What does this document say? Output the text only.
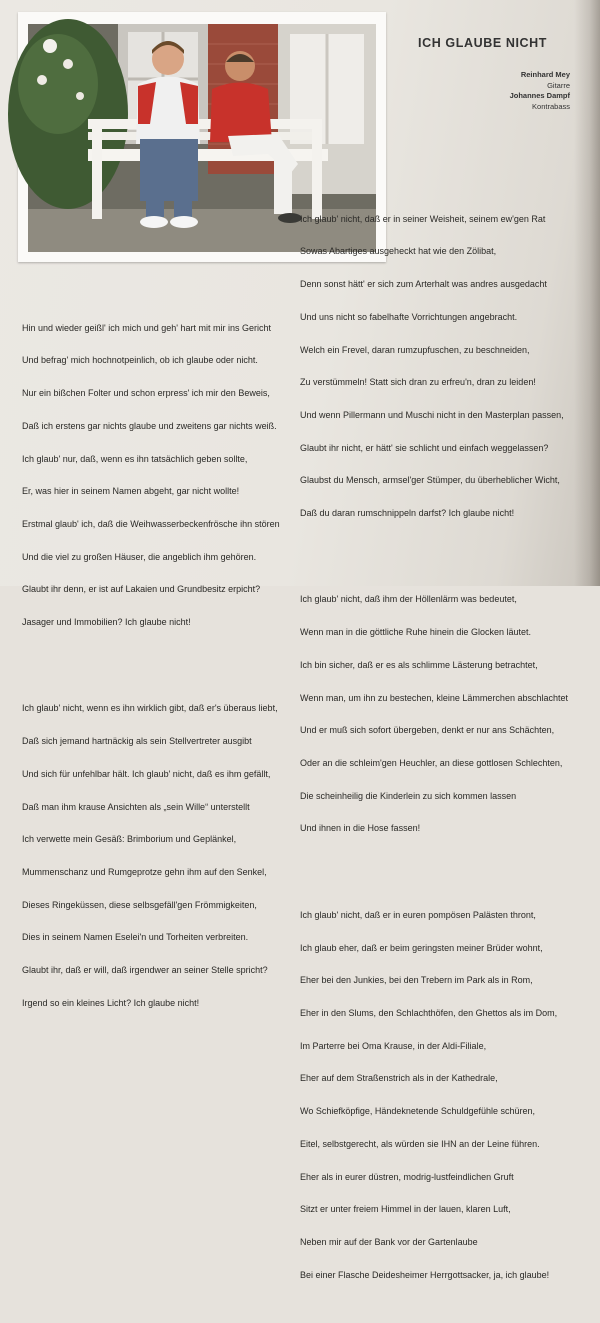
ICH GLAUBE NICHT
Reinhard Mey
Gitarre
Johannes Dampf
Kontrabass

Hin und wieder geißl' ich mich und geh' hart mit mir ins Gericht

Und befrag' mich hochnotpeinlich, ob ich glaube oder nicht.

Nur ein bißchen Folter und schon erpress' ich mir den Beweis,

Daß ich erstens gar nichts glaube und zweitens gar nichts weiß.

Ich glaub' nur, daß, wenn es ihn tatsächlich geben sollte,

Er, was hier in seinem Namen abgeht, gar nicht wollte!

Erstmal glaub' ich, daß die Weihwasserbeckenfrösche ihn stören

Und die viel zu großen Häuser, die angeblich ihm gehören.

Glaubt ihr denn, er ist auf Lakaien und Grundbesitz erpicht?

Jasager und Immobilien? Ich glaube nicht!

Ich glaub' nicht, wenn es ihn wirklich gibt, daß er's überaus liebt,

Daß sich jemand hartnäckig als sein Stellvertreter ausgibt

Und sich für unfehlbar hält. Ich glaub' nicht, daß es ihm gefällt,

Daß man ihm krause Ansichten als „sein Wille“ unterstellt

Ich verwette mein Gesäß: Brimborium und Geplänkel,

Mummenschanz und Rumgeprotze gehn ihm auf den Senkel,

Dieses Ringeküssen, diese selbsgefäll'gen Frömmigkeiten,

Dies in seinem Namen Eselei'n und Torheiten verbreiten.

Glaubt ihr, daß er will, daß irgendwer an seiner Stelle spricht?

Irgend so ein kleines Licht? Ich glaube nicht!

Ich glaub' nicht, daß er in seiner Weisheit, seinem ew'gen Rat

Sowas Abartiges ausgeheckt hat wie den Zölibat,

Denn sonst hätt' er sich zum Arterhalt was andres ausgedacht

Und uns nicht so fabelhafte Vorrichtungen angebracht.

Welch ein Frevel, daran rumzupfuschen, zu beschneiden,

Zu verstümmeln! Statt sich dran zu erfreu'n, dran zu leiden!

Und wenn Pillermann und Muschi nicht in den Masterplan passen,

Glaubt ihr nicht, er hätt' sie schlicht und einfach weggelassen?

Glaubst du Mensch, armsel'ger Stümper, du überheblicher Wicht,

Daß du daran rumschnippeln darfst? Ich glaube nicht!

Ich glaub' nicht, daß ihm der Höllenlärm was bedeutet,

Wenn man in die göttliche Ruhe hinein die Glocken läutet.

Ich bin sicher, daß er es als schlimme Lästerung betrachtet,

Wenn man, um ihn zu bestechen, kleine Lämmerchen abschlachtet

Und er muß sich sofort übergeben, denkt er nur ans Schächten,

Oder an die schleim'gen Heuchler, an diese gottlosen Schlechten,

Die scheinheilig die Kinderlein zu sich kommen lassen

Und ihnen in die Hose fassen!

Ich glaub' nicht, daß er in euren pompösen Palästen thront,

Ich glaub eher, daß er beim geringsten meiner Brüder wohnt,

Eher bei den Junkies, bei den Trebern im Park als in Rom,

Eher in den Slums, den Schlachthöfen, den Ghettos als im Dom,

Im Parterre bei Oma Krause, in der Aldi-Filiale,

Eher auf dem Straßenstrich als in der Kathedrale,

Wo Schiefköpfige, Händeknetende Schuldgefühle schüren,

Eitel, selbstgerecht, als würden sie IHN an der Leine führen.

Eher als in eurer düstren, modrig-lustfeindlichen Gruft

Sitzt er unter freiem Himmel in der lauen, klaren Luft,

Neben mir auf der Bank vor der Gartenlaube

Bei einer Flasche Deidesheimer Herrgottsacker, ja, ich glaube!
